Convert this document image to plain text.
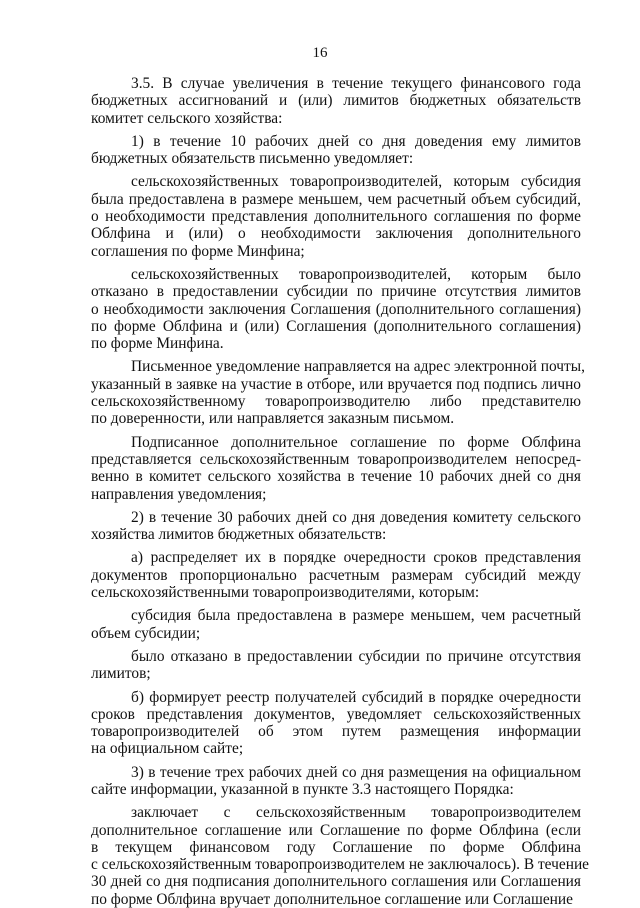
16
3.5. В случае увеличения в течение текущего финансового года
бюджетных ассигнований и (или) лимитов бюджетных обязательств
комитет сельского хозяйства:
1) в течение 10 рабочих дней со дня доведения ему лимитов
бюджетных обязательств письменно уведомляет:
сельскохозяйственных товаропроизводителей, которым субсидия
была предоставлена в размере меньшем, чем расчетный объем субсидий,
о необходимости представления дополнительного соглашения по форме
Облфина и (или) о необходимости заключения дополнительного
соглашения по форме Минфина;
сельскохозяйственных товаропроизводителей, которым было
отказано в предоставлении субсидии по причине отсутствия лимитов
о необходимости заключения Соглашения (дополнительного соглашения)
по форме Облфина и (или) Соглашения (дополнительного соглашения)
по форме Минфина.
Письменное уведомление направляется на адрес электронной почты,
указанный в заявке на участие в отборе, или вручается под подпись лично
сельскохозяйственному товаропроизводителю либо представителю
по доверенности, или направляется заказным письмом.
Подписанное дополнительное соглашение по форме Облфина
представляется сельскохозяйственным товаропроизводителем непосред-
венно в комитет сельского хозяйства в течение 10 рабочих дней со дня
направления уведомления;
2) в течение 30 рабочих дней со дня доведения комитету сельского
хозяйства лимитов бюджетных обязательств:
а) распределяет их в порядке очередности сроков представления
документов пропорционально расчетным размерам субсидий между
сельскохозяйственными товаропроизводителями, которым:
субсидия была предоставлена в размере меньшем, чем расчетный
объем субсидии;
было отказано в предоставлении субсидии по причине отсутствия
лимитов;
б) формирует реестр получателей субсидий в порядке очередности
сроков представления документов, уведомляет сельскохозяйственных
товаропроизводителей об этом путем размещения информации
на официальном сайте;
3) в течение трех рабочих дней со дня размещения на официальном
сайте информации, указанной в пункте 3.3 настоящего Порядка:
заключает с сельскохозяйственным товаропроизводителем
дополнительное соглашение или Соглашение по форме Облфина (если
в текущем финансовом году Соглашение по форме Облфина
с сельскохозяйственным товаропроизводителем не заключалось). В течение
30 дней со дня подписания дополнительного соглашения или Соглашения
по форме Облфина вручает дополнительное соглашение или Соглашение
